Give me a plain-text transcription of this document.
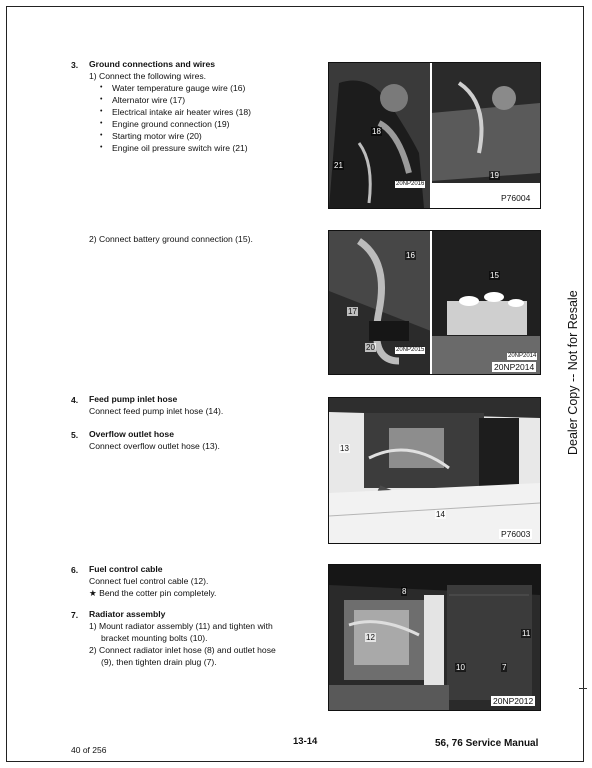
3. Ground connections and wires
1) Connect the following wires.
• Water temperature gauge wire (16)
• Alternator wire (17)
• Electrical intake air heater wires (18)
• Engine ground connection (19)
• Starting motor wire (20)
• Engine oil pressure switch wire (21)
2) Connect battery ground connection (15).
4. Feed pump inlet hose
Connect feed pump inlet hose (14).
5. Overflow outlet hose
Connect overflow outlet hose (13).
6. Fuel control cable
Connect fuel control cable (12).
★ Bend the cotter pin completely.
7. Radiator assembly
1) Mount radiator assembly (11) and tighten with
bracket mounting bolts (10).
2) Connect radiator inlet hose (8) and outlet hose
(9), then tighten drain plug (7).
18
21
19
20NP2016
P76004
16
15
17
20	20NP2015
20NP2014
20NP2014
13
14
P76003
8
12	11
10	7
20NP2012
Dealer Copy -- Not for Resale
40 of 256
13-14	56, 76 Service Manual
